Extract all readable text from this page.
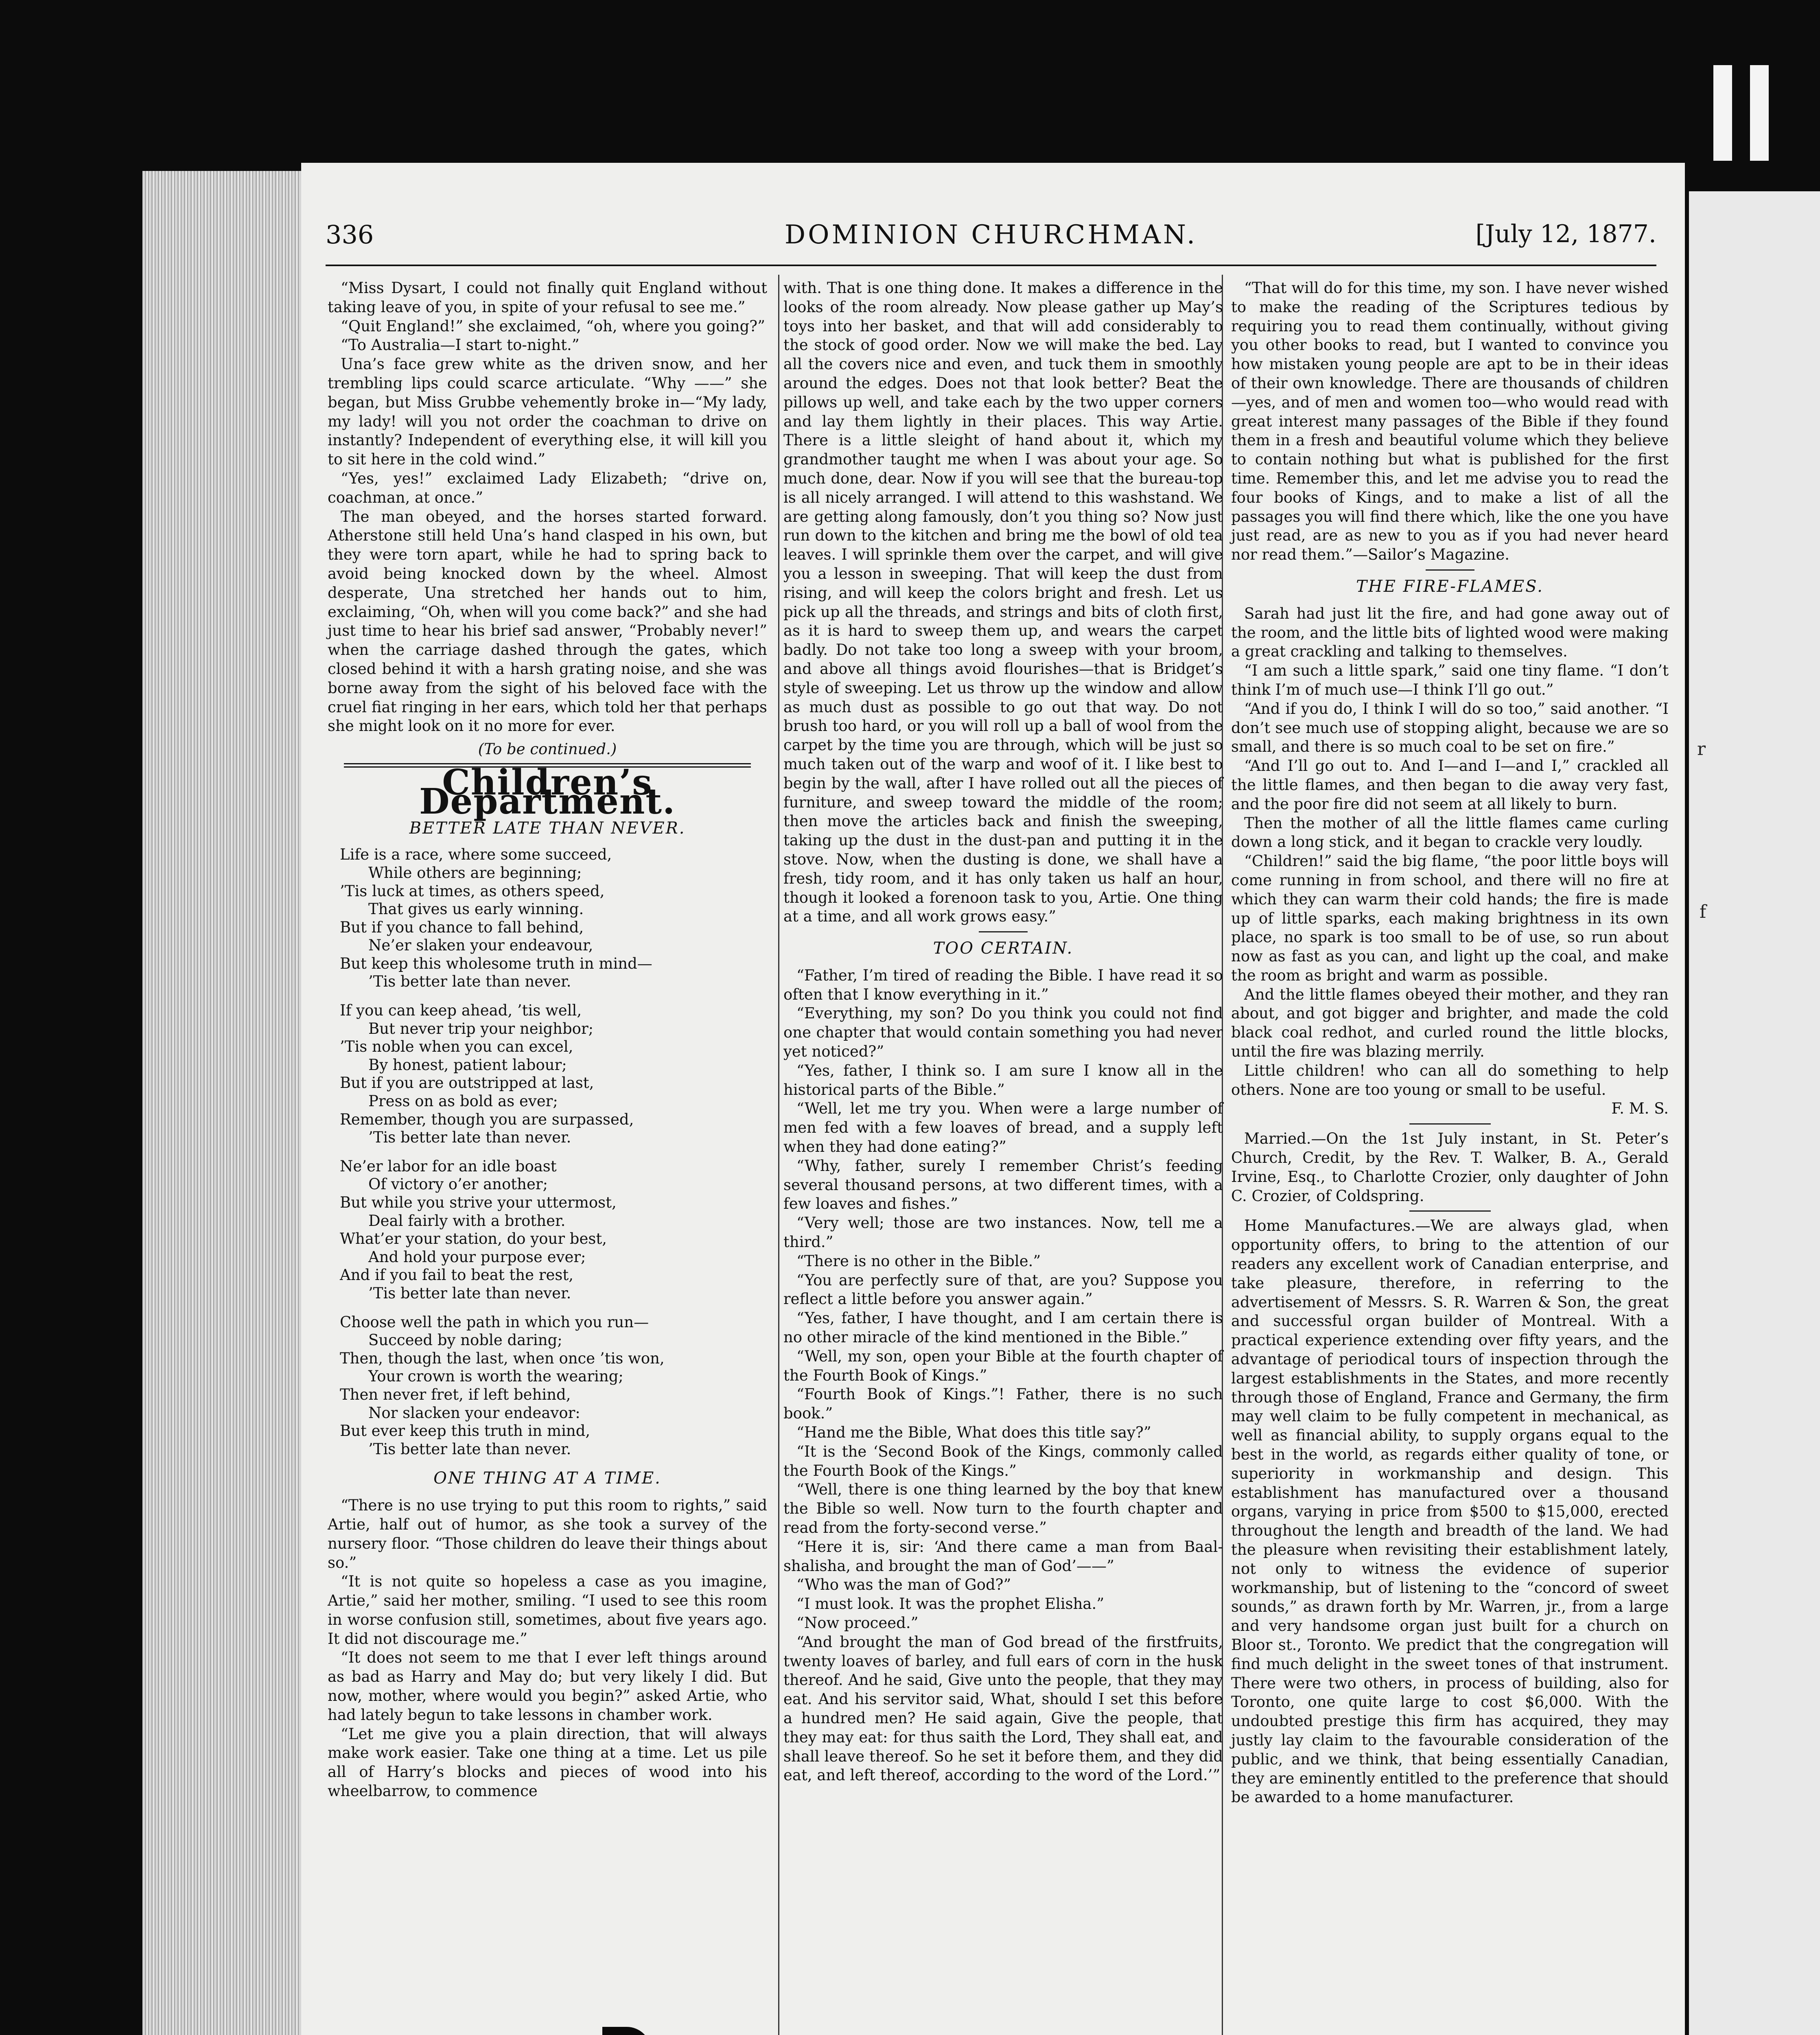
r
f
336	DOMINION CHURCHMAN.	[July 12, 1877.

“Miss Dysart, I could not finally quit England without taking leave of you, in spite of your refusal to see me.”

“Quit England!” she exclaimed, “oh, where you going?”

“To Australia—I start to-night.”

Una’s face grew white as the driven snow, and her trembling lips could scarce articulate. “Why ——” she began, but Miss Grubbe vehemently broke in—“My lady, my lady! will you not order the coachman to drive on instantly? Independent of everything else, it will kill you to sit here in the cold wind.”

“Yes, yes!” exclaimed Lady Elizabeth; “drive on, coachman, at once.”

The man obeyed, and the horses started forward. Atherstone still held Una’s hand clasped in his own, but they were torn apart, while he had to spring back to avoid being knocked down by the wheel. Almost desperate, Una stretched her hands out to him, exclaiming, “Oh, when will you come back?” and she had just time to hear his brief sad answer, “Probably never!” when the carriage dashed through the gates, which closed behind it with a harsh grating noise, and she was borne away from the sight of his beloved face with the cruel fiat ringing in her ears, which told her that perhaps she might look on it no more for ever.

(To be continued.)

Children’s Department.
BETTER LATE THAN NEVER.
Life is a race, where some succeed,
While others are beginning;
’Tis luck at times, as others speed,
That gives us early winning.
But if you chance to fall behind,
Ne’er slaken your endeavour,
But keep this wholesome truth in mind—
’Tis better late than never.
If you can keep ahead, ’tis well,
But never trip your neighbor;
’Tis noble when you can excel,
By honest, patient labour;
But if you are outstripped at last,
Press on as bold as ever;
Remember, though you are surpassed,
’Tis better late than never.
Ne’er labor for an idle boast
Of victory o’er another;
But while you strive your uttermost,
Deal fairly with a brother.
What’er your station, do your best,
And hold your purpose ever;
And if you fail to beat the rest,
’Tis better late than never.
Choose well the path in which you run—
Succeed by noble daring;
Then, though the last, when once ’tis won,
Your crown is worth the wearing;
Then never fret, if left behind,
Nor slacken your endeavor:
But ever keep this truth in mind,
’Tis better late than never.
ONE THING AT A TIME.

“There is no use trying to put this room to rights,” said Artie, half out of humor, as she took a survey of the nursery floor. “Those children do leave their things about so.”

“It is not quite so hopeless a case as you imagine, Artie,” said her mother, smiling. “I used to see this room in worse confusion still, sometimes, about five years ago. It did not discourage me.”

“It does not seem to me that I ever left things around as bad as Harry and May do; but very likely I did. But now, mother, where would you begin?” asked Artie, who had lately begun to take lessons in chamber work.

“Let me give you a plain direction, that will always make work easier. Take one thing at a time. Let us pile all of Harry’s blocks and pieces of wood into his wheelbarrow, to commence

with. That is one thing done. It makes a difference in the looks of the room already. Now please gather up May’s toys into her basket, and that will add considerably to the stock of good order. Now we will make the bed. Lay all the covers nice and even, and tuck them in smoothly around the edges. Does not that look better? Beat the pillows up well, and take each by the two upper corners and lay them lightly in their places. This way Artie. There is a little sleight of hand about it, which my grandmother taught me when I was about your age. So much done, dear. Now if you will see that the bureau-top is all nicely arranged. I will attend to this washstand. We are getting along famously, don’t you thing so? Now just run down to the kitchen and bring me the bowl of old tea leaves. I will sprinkle them over the carpet, and will give you a lesson in sweeping. That will keep the dust from rising, and will keep the colors bright and fresh. Let us pick up all the threads, and strings and bits of cloth first, as it is hard to sweep them up, and wears the carpet badly. Do not take too long a sweep with your broom, and above all things avoid flourishes—that is Bridget’s style of sweeping. Let us throw up the window and allow as much dust as possible to go out that way. Do not brush too hard, or you will roll up a ball of wool from the carpet by the time you are through, which will be just so much taken out of the warp and woof of it. I like best to begin by the wall, after I have rolled out all the pieces of furniture, and sweep toward the middle of the room; then move the articles back and finish the sweeping, taking up the dust in the dust-pan and putting it in the stove. Now, when the dusting is done, we shall have a fresh, tidy room, and it has only taken us half an hour, though it looked a forenoon task to you, Artie. One thing at a time, and all work grows easy.”

TOO CERTAIN.

“Father, I’m tired of reading the Bible. I have read it so often that I know everything in it.”

“Everything, my son? Do you think you could not find one chapter that would contain something you had never yet noticed?”

“Yes, father, I think so. I am sure I know all in the historical parts of the Bible.”

“Well, let me try you. When were a large number of men fed with a few loaves of bread, and a supply left when they had done eating?”

“Why, father, surely I remember Christ’s feeding several thousand persons, at two different times, with a few loaves and fishes.”

“Very well; those are two instances. Now, tell me a third.”

“There is no other in the Bible.”

“You are perfectly sure of that, are you? Suppose you reflect a little before you answer again.”

“Yes, father, I have thought, and I am certain there is no other miracle of the kind mentioned in the Bible.”

“Well, my son, open your Bible at the fourth chapter of the Fourth Book of Kings.”

“Fourth Book of Kings.”! Father, there is no such book.”

“Hand me the Bible, What does this title say?”

“It is the ‘Second Book of the Kings, commonly called the Fourth Book of the Kings.”

“Well, there is one thing learned by the boy that knew the Bible so well. Now turn to the fourth chapter and read from the forty-second verse.”

“Here it is, sir: ‘And there came a man from Baal-shalisha, and brought the man of God’——”

“Who was the man of God?”

“I must look. It was the prophet Elisha.”

“Now proceed.”

“And brought the man of God bread of the firstfruits, twenty loaves of barley, and full ears of corn in the husk thereof. And he said, Give unto the people, that they may eat. And his servitor said, What, should I set this before a hundred men? He said again, Give the people, that they may eat: for thus saith the Lord, They shall eat, and shall leave thereof. So he set it before them, and they did eat, and left thereof, according to the word of the Lord.’”

“That will do for this time, my son. I have never wished to make the reading of the Scriptures tedious by requiring you to read them continually, without giving you other books to read, but I wanted to convince you how mistaken young people are apt to be in their ideas of their own knowledge. There are thousands of children—yes, and of men and women too—who would read with great interest many passages of the Bible if they found them in a fresh and beautiful volume which they believe to contain nothing but what is published for the first time. Remember this, and let me advise you to read the four books of Kings, and to make a list of all the passages you will find there which, like the one you have just read, are as new to you as if you had never heard nor read them.”—Sailor’s Magazine.

THE FIRE-FLAMES.

Sarah had just lit the fire, and had gone away out of the room, and the little bits of lighted wood were making a great crackling and talking to themselves.

“I am such a little spark,” said one tiny flame. “I don’t think I’m of much use—I think I’ll go out.”

“And if you do, I think I will do so too,” said another. “I don’t see much use of stopping alight, because we are so small, and there is so much coal to be set on fire.”

“And I’ll go out to. And I—and I—and I,” crackled all the little flames, and then began to die away very fast, and the poor fire did not seem at all likely to burn.

Then the mother of all the little flames came curling down a long stick, and it began to crackle very loudly.

“Children!” said the big flame, “the poor little boys will come running in from school, and there will no fire at which they can warm their cold hands; the fire is made up of little sparks, each making brightness in its own place, no spark is too small to be of use, so run about now as fast as you can, and light up the coal, and make the room as bright and warm as possible.

And the little flames obeyed their mother, and they ran about, and got bigger and brighter, and made the cold black coal redhot, and curled round the little blocks, until the fire was blazing merrily.

Little children! who can all do something to help others. None are too young or small to be useful.

F. M. S.

Married.—On the 1st July instant, in St. Peter’s Church, Credit, by the Rev. T. Walker, B. A., Gerald Irvine, Esq., to Charlotte Crozier, only daughter of John C. Crozier, of Coldspring.

Home Manufactures.—We are always glad, when opportunity offers, to bring to the attention of our readers any excellent work of Canadian enterprise, and take pleasure, therefore, in referring to the advertisement of Messrs. S. R. Warren & Son, the great and successful organ builder of Montreal. With a practical experience extending over fifty years, and the advantage of periodical tours of inspection through the largest establishments in the States, and more recently through those of England, France and Germany, the firm may well claim to be fully competent in mechanical, as well as financial ability, to supply organs equal to the best in the world, as regards either quality of tone, or superiority in workmanship and design. This establishment has manufactured over a thousand organs, varying in price from $500 to $15,000, erected throughout the length and breadth of the land. We had the pleasure when revisiting their establishment lately, not only to witness the evidence of superior workmanship, but of listening to the “concord of sweet sounds,” as drawn forth by Mr. Warren, jr., from a large and very handsome organ just built for a church on Bloor st., Toronto. We predict that the congregation will find much delight in the sweet tones of that instrument. There were two others, in process of building, also for Toronto, one quite large to cost $6,000. With the undoubted prestige this firm has acquired, they may justly lay claim to the favourable consideration of the public, and we think, that being essentially Canadian, they are eminently entitled to the preference that should be awarded to a home manufacturer.
